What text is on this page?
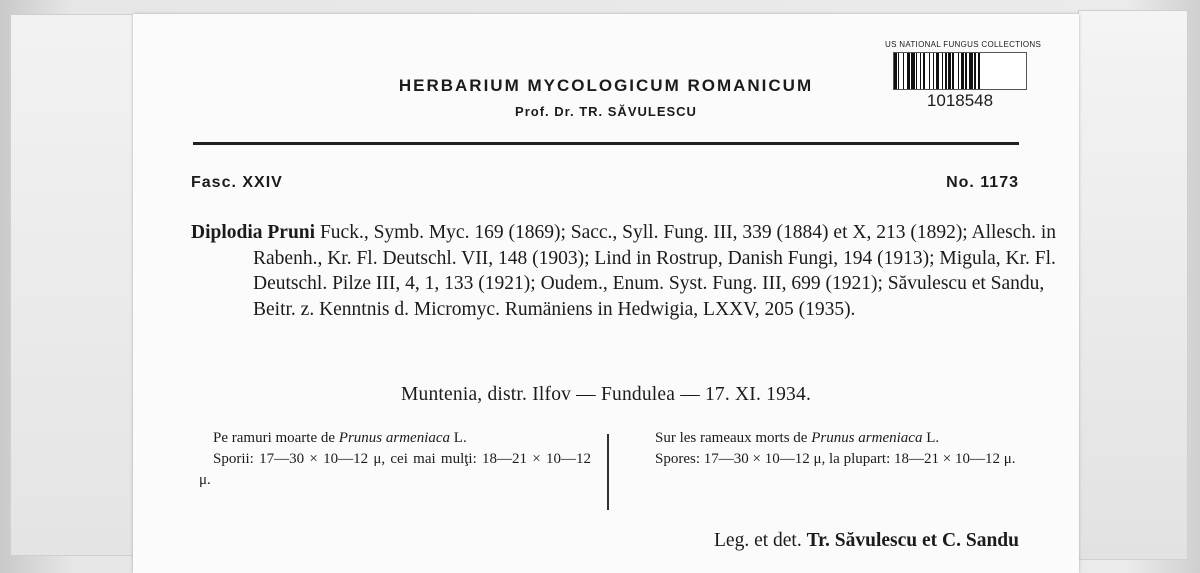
HERBARIUM MYCOLOGICUM ROMANICUM
Prof. Dr. TR. SĂVULESCU
US NATIONAL FUNGUS COLLECTIONS
1018548
Fasc. XXIV	No. 1173
Diplodia Pruni Fuck., Symb. Myc. 169 (1869); Sacc., Syll. Fung. III, 339 (1884) et X, 213 (1892); Allesch. in Rabenh., Kr. Fl. Deutschl. VII, 148 (1903); Lind in Rostrup, Danish Fungi, 194 (1913); Migula, Kr. Fl. Deutschl. Pilze III, 4, 1, 133 (1921); Oudem., Enum. Syst. Fung. III, 699 (1921); Săvulescu et Sandu, Beitr. z. Kenntnis d. Micromyc. Rumäniens in Hedwigia, LXXV, 205 (1935).
Muntenia, distr. Ilfov — Fundulea — 17. XI. 1934.

Pe ramuri moarte de Prunus armeniaca L.

Sporii: 17—30 × 10—12 μ, cei mai mulţi: 18—21 × 10—12 μ.

Sur les rameaux morts de Prunus armeniaca L.

Spores: 17—30 × 10—12 μ, la plupart: 18—21 × 10—12 μ.

Leg. et det. Tr. Săvulescu et C. Sandu
